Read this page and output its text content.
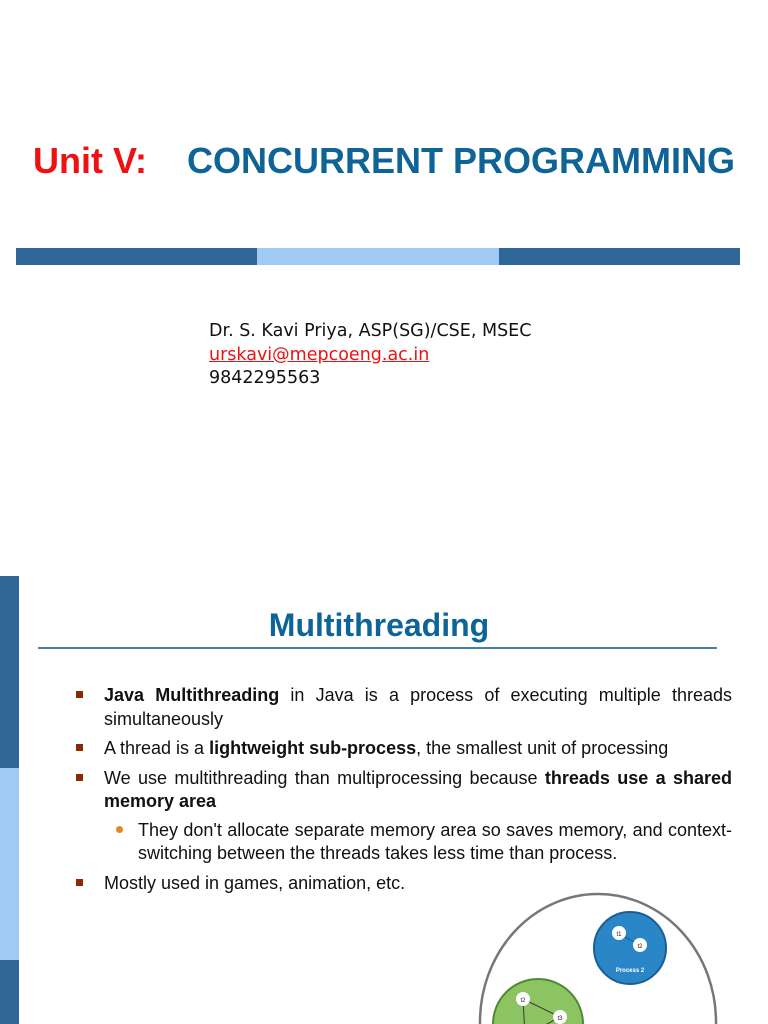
Unit V: CONCURRENT PROGRAMMING
Dr. S. Kavi Priya, ASP(SG)/CSE, MSEC
urskavi@mepcoeng.ac.in
9842295563
Multithreading
Java Multithreading in Java is a process of executing multiple threads simultaneously
A thread is a lightweight sub-process, the smallest unit of processing
We use multithreading than multiprocessing because threads use a shared memory area
They don't allocate separate memory area so saves memory, and context-switching between the threads takes less time than process.
Mostly used in games, animation, etc.
t1
t2
Process 2
t2
t3
